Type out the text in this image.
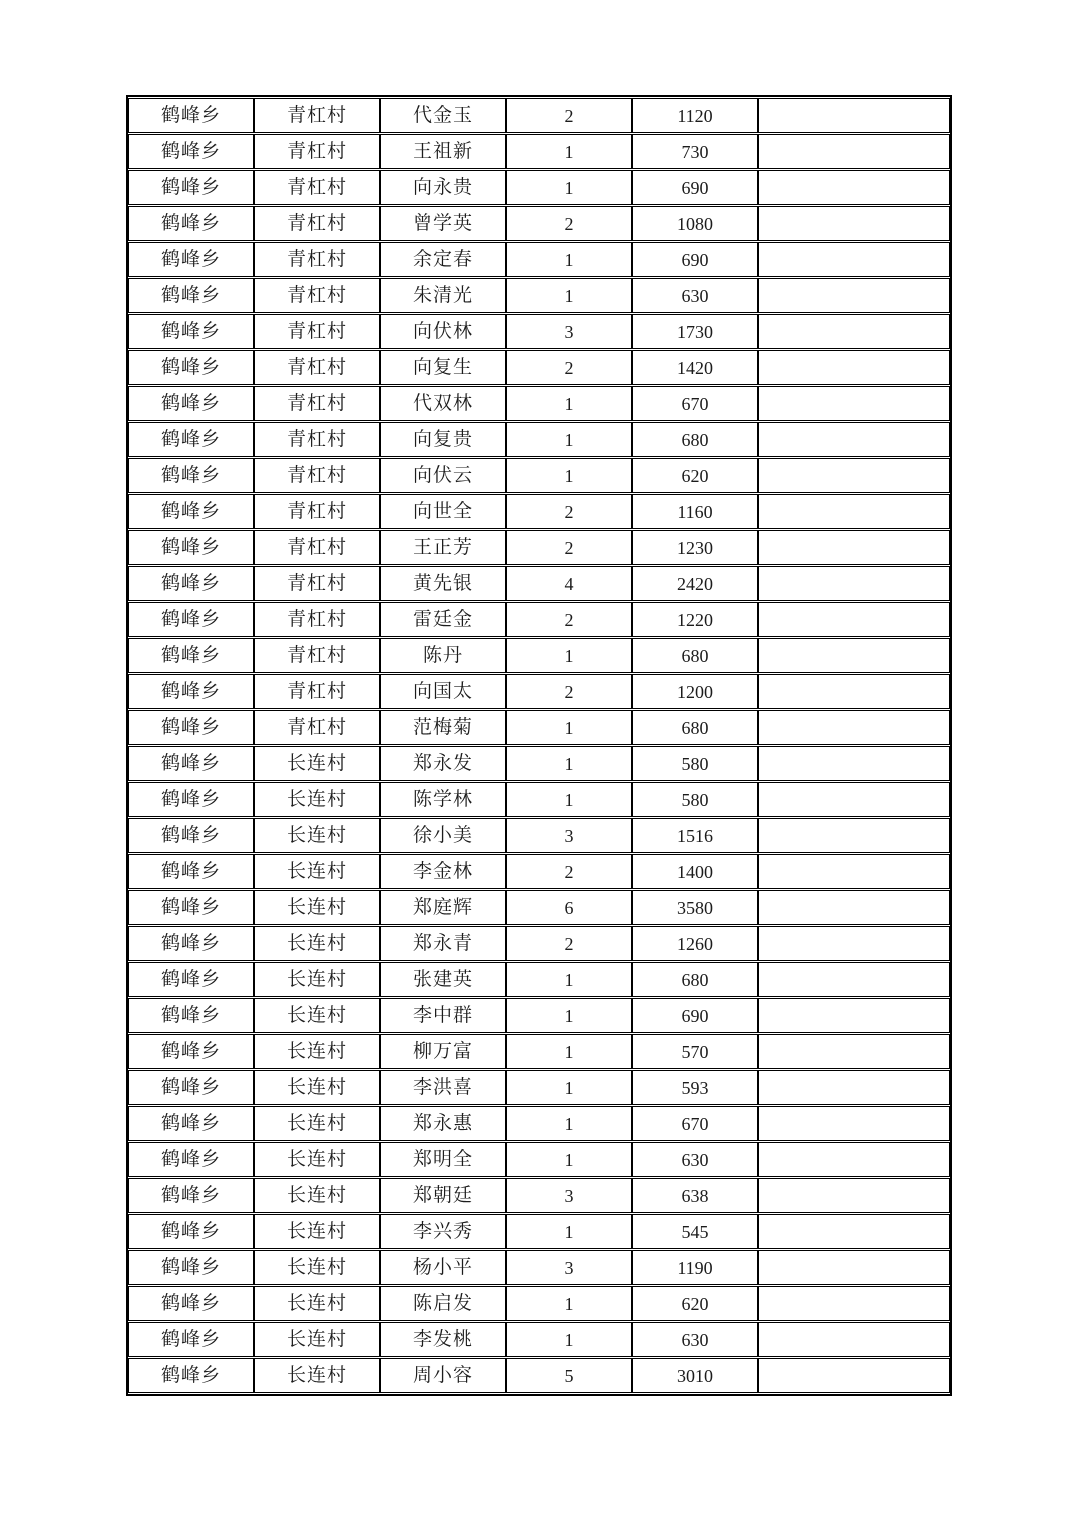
鹤峰乡	青杠村	代金玉	2	1120	
鹤峰乡	青杠村	王祖新	1	730	
鹤峰乡	青杠村	向永贵	1	690	
鹤峰乡	青杠村	曾学英	2	1080	
鹤峰乡	青杠村	余定春	1	690	
鹤峰乡	青杠村	朱清光	1	630	
鹤峰乡	青杠村	向伏林	3	1730	
鹤峰乡	青杠村	向复生	2	1420	
鹤峰乡	青杠村	代双林	1	670	
鹤峰乡	青杠村	向复贵	1	680	
鹤峰乡	青杠村	向伏云	1	620	
鹤峰乡	青杠村	向世全	2	1160	
鹤峰乡	青杠村	王正芳	2	1230	
鹤峰乡	青杠村	黄先银	4	2420	
鹤峰乡	青杠村	雷廷金	2	1220	
鹤峰乡	青杠村	陈丹	1	680	
鹤峰乡	青杠村	向国太	2	1200	
鹤峰乡	青杠村	范梅菊	1	680	
鹤峰乡	长连村	郑永发	1	580	
鹤峰乡	长连村	陈学林	1	580	
鹤峰乡	长连村	徐小美	3	1516	
鹤峰乡	长连村	李金林	2	1400	
鹤峰乡	长连村	郑庭辉	6	3580	
鹤峰乡	长连村	郑永青	2	1260	
鹤峰乡	长连村	张建英	1	680	
鹤峰乡	长连村	李中群	1	690	
鹤峰乡	长连村	柳万富	1	570	
鹤峰乡	长连村	李洪喜	1	593	
鹤峰乡	长连村	郑永惠	1	670	
鹤峰乡	长连村	郑明全	1	630	
鹤峰乡	长连村	郑朝廷	3	638	
鹤峰乡	长连村	李兴秀	1	545	
鹤峰乡	长连村	杨小平	3	1190	
鹤峰乡	长连村	陈启发	1	620	
鹤峰乡	长连村	李发桃	1	630	
鹤峰乡	长连村	周小容	5	3010	
